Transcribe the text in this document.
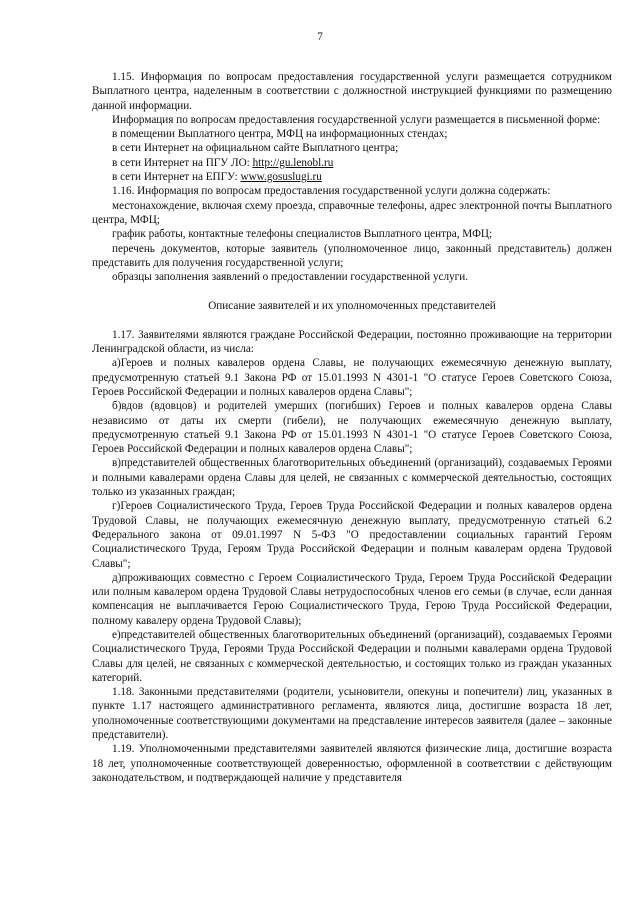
7

1.15. Информация по вопросам предоставления государственной услуги размещается сотрудником Выплатного центра, наделенным в соответствии с должностной инструкцией функциями по размещению данной информации.

Информация по вопросам предоставления государственной услуги размещается в письменной форме:

в помещении Выплатного центра, МФЦ на информационных стендах;

в сети Интернет на официальном сайте Выплатного центра;

в сети Интернет на ПГУ ЛО: http://gu.lenobl.ru

в сети Интернет на ЕПГУ: www.gosuslugi.ru

1.16. Информация по вопросам предоставления государственной услуги должна содержать:

местонахождение, включая схему проезда, справочные телефоны, адрес электронной почты Выплатного центра, МФЦ;

график работы, контактные телефоны специалистов Выплатного центра, МФЦ;

перечень документов, которые заявитель (уполномоченное лицо, законный представитель) должен представить для получения государственной услуги;

образцы заполнения заявлений о предоставлении государственной услуги.

Описание заявителей и их уполномоченных представителей

1.17. Заявителями являются граждане Российской Федерации, постоянно проживающие на территории Ленинградской области, из числа:

а)Героев и полных кавалеров ордена Славы, не получающих ежемесячную денежную выплату, предусмотренную статьей 9.1 Закона РФ от 15.01.1993 N 4301-1 "О статусе Героев Советского Союза, Героев Российской Федерации и полных кавалеров ордена Славы";

б)вдов (вдовцов) и родителей умерших (погибших) Героев и полных кавалеров ордена Славы независимо от даты их смерти (гибели), не получающих ежемесячную денежную выплату, предусмотренную статьей 9.1 Закона РФ от 15.01.1993 N 4301-1 "О статусе Героев Советского Союза, Героев Российской Федерации и полных кавалеров ордена Славы";

в)представителей общественных благотворительных объединений (организаций), создаваемых Героями и полными кавалерами ордена Славы для целей, не связанных с коммерческой деятельностью, состоящих только из указанных граждан;

г)Героев Социалистического Труда, Героев Труда Российской Федерации и полных кавалеров ордена Трудовой Славы, не получающих ежемесячную денежную выплату, предусмотренную статьей 6.2 Федерального закона от 09.01.1997 N 5-ФЗ "О предоставлении социальных гарантий Героям Социалистического Труда, Героям Труда Российской Федерации и полным кавалерам ордена Трудовой Славы";

д)проживающих совместно с Героем Социалистического Труда, Героем Труда Российской Федерации или полным кавалером ордена Трудовой Славы нетрудоспособных членов его семьи (в случае, если данная компенсация не выплачивается Герою Социалистического Труда, Герою Труда Российской Федерации, полному кавалеру ордена Трудовой Славы);

е)представителей общественных благотворительных объединений (организаций), создаваемых Героями Социалистического Труда, Героями Труда Российской Федерации и полными кавалерами ордена Трудовой Славы для целей, не связанных с коммерческой деятельностью, и состоящих только из граждан указанных категорий.

1.18. Законными представителями (родители, усыновители, опекуны и попечители) лиц, указанных в пункте 1.17 настоящего административного регламента, являются лица, достигшие возраста 18 лет, уполномоченные соответствующими документами на представление интересов заявителя (далее – законные представители).

1.19. Уполномоченными представителями заявителей являются физические лица, достигшие возраста 18 лет, уполномоченные соответствующей доверенностью, оформленной в соответствии с действующим законодательством, и подтверждающей наличие у представителя
